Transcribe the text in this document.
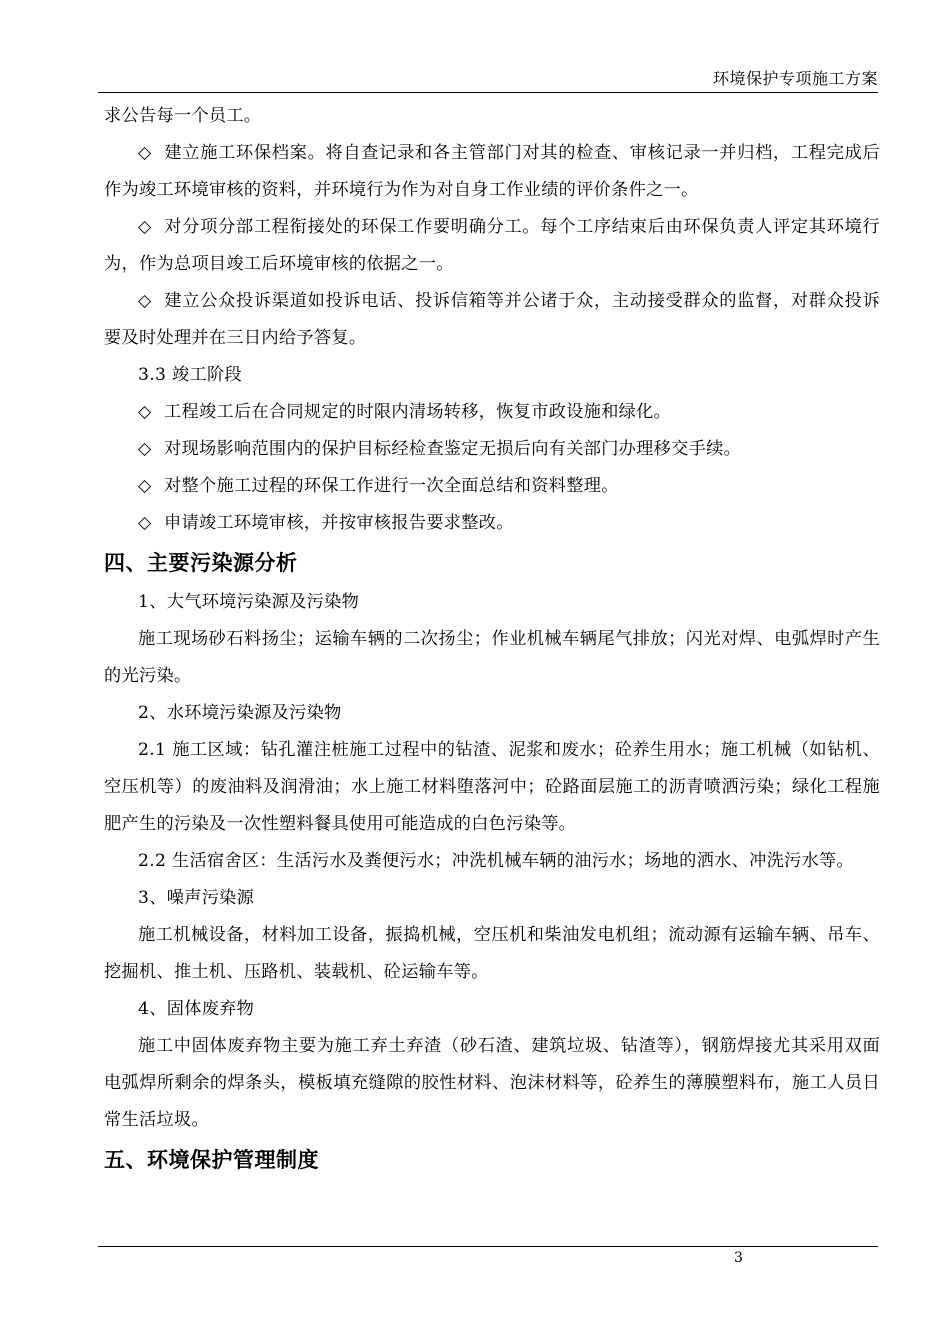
环境保护专项施工方案

求公告每一个员工。

◇ 建立施工环保档案。将自查记录和各主管部门对其的检查、审核记录一并归档，工程完成后作为竣工环境审核的资料，并环境行为作为对自身工作业绩的评价条件之一。

◇ 对分项分部工程衔接处的环保工作要明确分工。每个工序结束后由环保负责人评定其环境行为，作为总项目竣工后环境审核的依据之一。

◇ 建立公众投诉渠道如投诉电话、投诉信箱等并公诸于众，主动接受群众的监督，对群众投诉要及时处理并在三日内给予答复。

3.3 竣工阶段

◇ 工程竣工后在合同规定的时限内清场转移，恢复市政设施和绿化。

◇ 对现场影响范围内的保护目标经检查鉴定无损后向有关部门办理移交手续。

◇ 对整个施工过程的环保工作进行一次全面总结和资料整理。

◇ 申请竣工环境审核，并按审核报告要求整改。

四、主要污染源分析

1、大气环境污染源及污染物

施工现场砂石料扬尘；运输车辆的二次扬尘；作业机械车辆尾气排放；闪光对焊、电弧焊时产生的光污染。

2、水环境污染源及污染物

2.1 施工区域：钻孔灌注桩施工过程中的钻渣、泥浆和废水；砼养生用水；施工机械（如钻机、空压机等）的废油料及润滑油；水上施工材料堕落河中；砼路面层施工的沥青喷洒污染；绿化工程施肥产生的污染及一次性塑料餐具使用可能造成的白色污染等。

2.2 生活宿舍区：生活污水及粪便污水；冲洗机械车辆的油污水；场地的洒水、冲洗污水等。

3、噪声污染源

施工机械设备，材料加工设备，振捣机械，空压机和柴油发电机组；流动源有运输车辆、吊车、挖掘机、推土机、压路机、装载机、砼运输车等。

4、固体废弃物

施工中固体废弃物主要为施工弃土弃渣（砂石渣、建筑垃圾、钻渣等），钢筋焊接尤其采用双面电弧焊所剩余的焊条头，模板填充缝隙的胶性材料、泡沫材料等，砼养生的薄膜塑料布，施工人员日常生活垃圾。

五、环境保护管理制度
3
